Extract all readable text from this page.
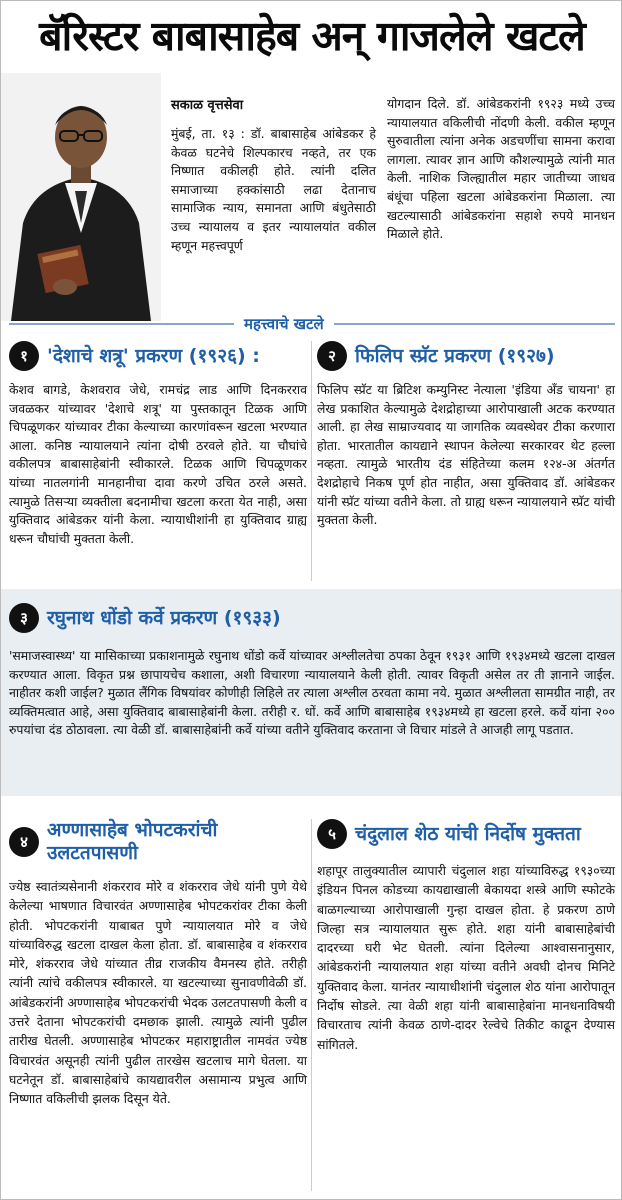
बॅरिस्टर बाबासाहेब अन् गाजलेले खटले
सकाळ वृत्तसेवा

मुंबई, ता. १३ : डॉ. बाबासाहेब आंबेडकर हे केवळ घटनेचे शिल्पकारच नव्हते, तर एक निष्णात वकीलही होते. त्यांनी दलित समाजाच्या हक्कांसाठी लढा देतानाच सामाजिक न्याय, समानता आणि बंधुतेसाठी उच्च न्यायालय व इतर न्यायालयांत वकील म्हणून महत्त्वपूर्ण

योगदान दिले. डॉ. आंबेडकरांनी १९२३ मध्ये उच्च न्यायालयात वकिलीची नोंदणी केली. वकील म्हणून सुरुवातीला त्यांना अनेक अडचणींचा सामना करावा लागला. त्यावर ज्ञान आणि कौशल्यामुळे त्यांनी मात केली. नाशिक जिल्ह्यातील महार जातीच्या जाधव बंधूंचा पहिला खटला आंबेडकरांना मिळाला. त्या खटल्यासाठी आंबेडकरांना सहाशे रुपये मानधन मिळाले होते.

महत्त्वाचे खटले
१	'देशाचे शत्रू' प्रकरण (१९२६) :

केशव बागडे, केशवराव जेधे, रामचंद्र लाड आणि दिनकरराव जवळकर यांच्यावर 'देशाचे शत्रू' या पुस्तकातून टिळक आणि चिपळूणकर यांच्यावर टीका केल्याच्या कारणांवरून खटला भरण्यात आला. कनिष्ठ न्यायालयाने त्यांना दोषी ठरवले होते. या चौघांचे वकीलपत्र बाबासाहेबांनी स्वीकारले. टिळक आणि चिपळूणकर यांच्या नातलगांनी मानहानीचा दावा करणे उचित ठरले असते. त्यामुळे तिसऱ्या व्यक्तीला बदनामीचा खटला करता येत नाही, असा युक्तिवाद आंबेडकर यांनी केला. न्यायाधीशांनी हा युक्तिवाद ग्राह्य धरून चौघांची मुक्तता केली.

२	फिलिप स्प्रॅट प्रकरण (१९२७)

फिलिप स्प्रॅट या ब्रिटिश कम्युनिस्ट नेत्याला 'इंडिया अँड चायना' हा लेख प्रकाशित केल्यामुळे देशद्रोहाच्या आरोपाखाली अटक करण्यात आली. हा लेख साम्राज्यवाद या जागतिक व्यवस्थेवर टीका करणारा होता. भारतातील कायद्याने स्थापन केलेल्या सरकारवर थेट हल्ला नव्हता. त्यामुळे भारतीय दंड संहितेच्या कलम १२४-अ अंतर्गत देशद्रोहाचे निकष पूर्ण होत नाहीत, असा युक्तिवाद डॉ. आंबेडकर यांनी स्प्रॅट यांच्या वतीने केला. तो ग्राह्य धरून न्यायालयाने स्प्रॅट यांची मुक्तता केली.

३	रघुनाथ धोंडो कर्वे प्रकरण (१९३३)

'समाजस्वास्थ्य' या मासिकाच्या प्रकाशनामुळे रघुनाथ धोंडो कर्वे यांच्यावर अश्लीलतेचा ठपका ठेवून १९३१ आणि १९३४मध्ये खटला दाखल करण्यात आला. विकृत प्रश्न छापायचेच कशाला, अशी विचारणा न्यायालयाने केली होती. त्यावर विकृती असेल तर ती ज्ञानाने जाईल. नाहीतर कशी जाईल? मुळात लैंगिक विषयांवर कोणीही लिहिले तर त्याला अश्लील ठरवता कामा नये. मुळात अश्लीलता सामग्रीत नाही, तर व्यक्तिमत्वात आहे, असा युक्तिवाद बाबासाहेबांनी केला. तरीही र. धों. कर्वे आणि बाबासाहेब १९३४मध्ये हा खटला हरले. कर्वे यांना २०० रुपयांचा दंड ठोठावला. त्या वेळी डॉ. बाबासाहेबांनी कर्वे यांच्या वतीने युक्तिवाद करताना जे विचार मांडले ते आजही लागू पडतात.

४
अण्णासाहेब भोपटकरांची उलटतपासणी

ज्येष्ठ स्वातंत्र्यसेनानी शंकरराव मोरे व शंकरराव जेधे यांनी पुणे येथे केलेल्या भाषणात विचारवंत अण्णासाहेब भोपटकरांवर टीका केली होती. भोपटकरांनी याबाबत पुणे न्यायालयात मोरे व जेधे यांच्याविरुद्ध खटला दाखल केला होता. डॉ. बाबासाहेब व शंकरराव मोरे, शंकरराव जेधे यांच्यात तीव्र राजकीय वैमनस्य होते. तरीही त्यांनी त्यांचे वकीलपत्र स्वीकारले. या खटल्याच्या सुनावणीवेळी डॉ. आंबेडकरांनी अण्णासाहेब भोपटकरांची भेदक उलटतपासणी केली व उत्तरे देताना भोपटकरांची दमछाक झाली. त्यामुळे त्यांनी पुढील तारीख घेतली. अण्णासाहेब भोपटकर महाराष्ट्रातील नामवंत ज्येष्ठ विचारवंत असूनही त्यांनी पुढील तारखेस खटलाच मागे घेतला. या घटनेतून डॉ. बाबासाहेबांचे कायद्यावरील असामान्य प्रभुत्व आणि निष्णात वकिलीची झलक दिसून येते.

५	चंदुलाल शेठ यांची निर्दोष मुक्तता

शहापूर तालुक्यातील व्यापारी चंदुलाल शहा यांच्याविरुद्ध १९३०च्या इंडियन पिनल कोडच्या कायद्याखाली बेकायदा शस्त्रे आणि स्फोटके बाळगल्याच्या आरोपाखाली गुन्हा दाखल होता. हे प्रकरण ठाणे जिल्हा सत्र न्यायालयात सुरू होते. शहा यांनी बाबासाहेबांची दादरच्या घरी भेट घेतली. त्यांना दिलेल्या आश्वासनानुसार, आंबेडकरांनी न्यायालयात शहा यांच्या वतीने अवघी दोनच मिनिटे युक्तिवाद केला. यानंतर न्यायाधीशांनी चंदुलाल शेठ यांना आरोपातून निर्दोष सोडले. त्या वेळी शहा यांनी बाबासाहेबांना मानधनाविषयी विचारताच त्यांनी केवळ ठाणे-दादर रेल्वेचे तिकीट काढून देण्यास सांगितले.
